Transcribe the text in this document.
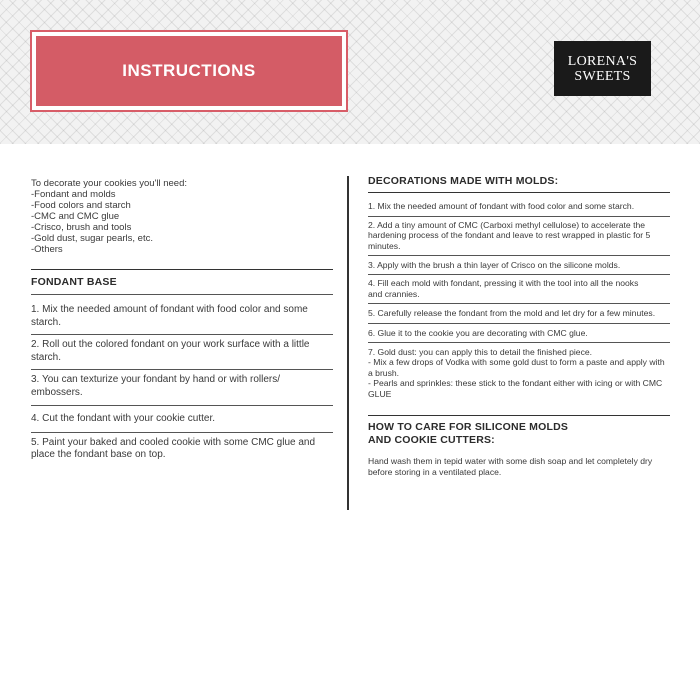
INSTRUCTIONS	LORENA'S
SWEETS
To decorate your cookies you'll need:
-Fondant and molds
-Food colors and starch
-CMC and CMC glue
-Crisco, brush and tools
-Gold dust, sugar pearls, etc.
-Others
FONDANT BASE
1. Mix the needed amount of fondant with food color and some starch.
2. Roll out the colored fondant on your work surface with a little starch.
3. You can texturize your fondant by hand or with rollers/ embossers.
4. Cut the fondant with your cookie cutter.
5. Paint your baked and cooled cookie with some CMC glue and place the fondant base on top.
DECORATIONS MADE WITH MOLDS:
1. Mix the needed amount of fondant with food color and some starch.
2. Add a tiny amount of CMC (Carboxi methyl cellulose) to accelerate the hardening process of the fondant and leave to rest wrapped in plastic for 5 minutes.
3. Apply with the brush a thin layer of Crisco on the silicone molds.
4. Fill each mold with fondant, pressing it with the tool into all the nooks
and crannies.
5. Carefully release the fondant from the mold and let dry for a few minutes.
6. Glue it to the cookie you are decorating with CMC glue.
7. Gold dust: you can apply this to detail the finished piece.
- Mix a few drops of Vodka with some gold dust to form a paste and apply with a brush.
- Pearls and sprinkles: these stick to the fondant either with icing or with CMC GLUE
HOW TO CARE FOR SILICONE MOLDS
AND COOKIE CUTTERS:
Hand wash them in tepid water with some dish soap and let completely dry before storing in a ventilated place.
